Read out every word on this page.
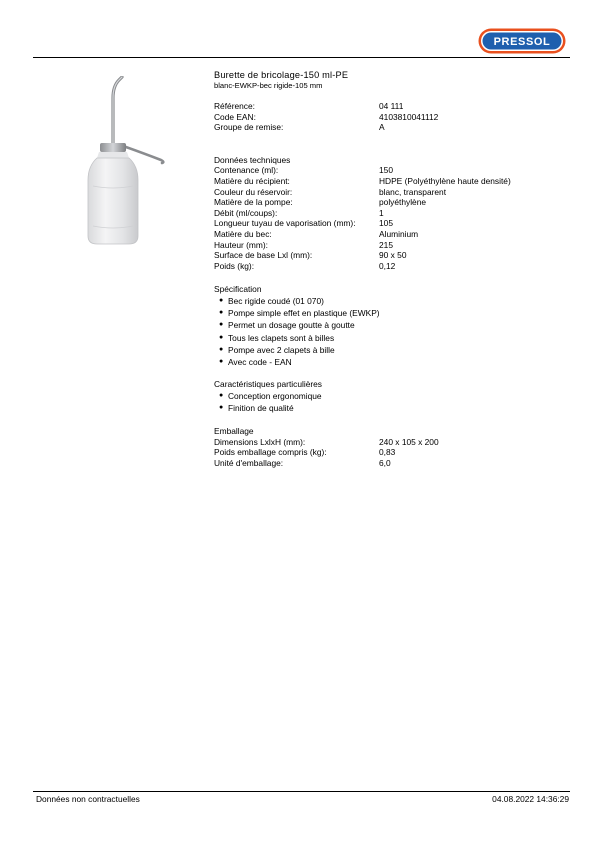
PRESSOL
Burette de bricolage-150 ml-PE
blanc-EWKP-bec rigide-105 mm
Référence:	04 111
Code EAN:	4103810041112
Groupe de remise:	A
Données techniques
Contenance (ml):	150
Matière du récipient:	HDPE (Polyéthylène haute densité)
Couleur du réservoir:	blanc, transparent
Matière de la pompe:	polyéthylène
Débit (ml/coups):	1
Longueur tuyau de vaporisation (mm):	105
Matière du bec:	Aluminium
Hauteur (mm):	215
Surface de base Lxl (mm):	90 x 50
Poids (kg):	0,12
Spécification
● Bec rigide coudé (01 070)
● Pompe simple effet en plastique (EWKP)
● Permet un dosage goutte à goutte
● Tous les clapets sont à billes
● Pompe avec 2 clapets à bille
● Avec code - EAN
Caractéristiques particulières
● Conception ergonomique
● Finition de qualité
Emballage
Dimensions LxlxH (mm):	240 x 105 x 200
Poids emballage compris (kg):	0,83
Unité d'emballage:	6,0
Données non contractuelles	04.08.2022 14:36:29
